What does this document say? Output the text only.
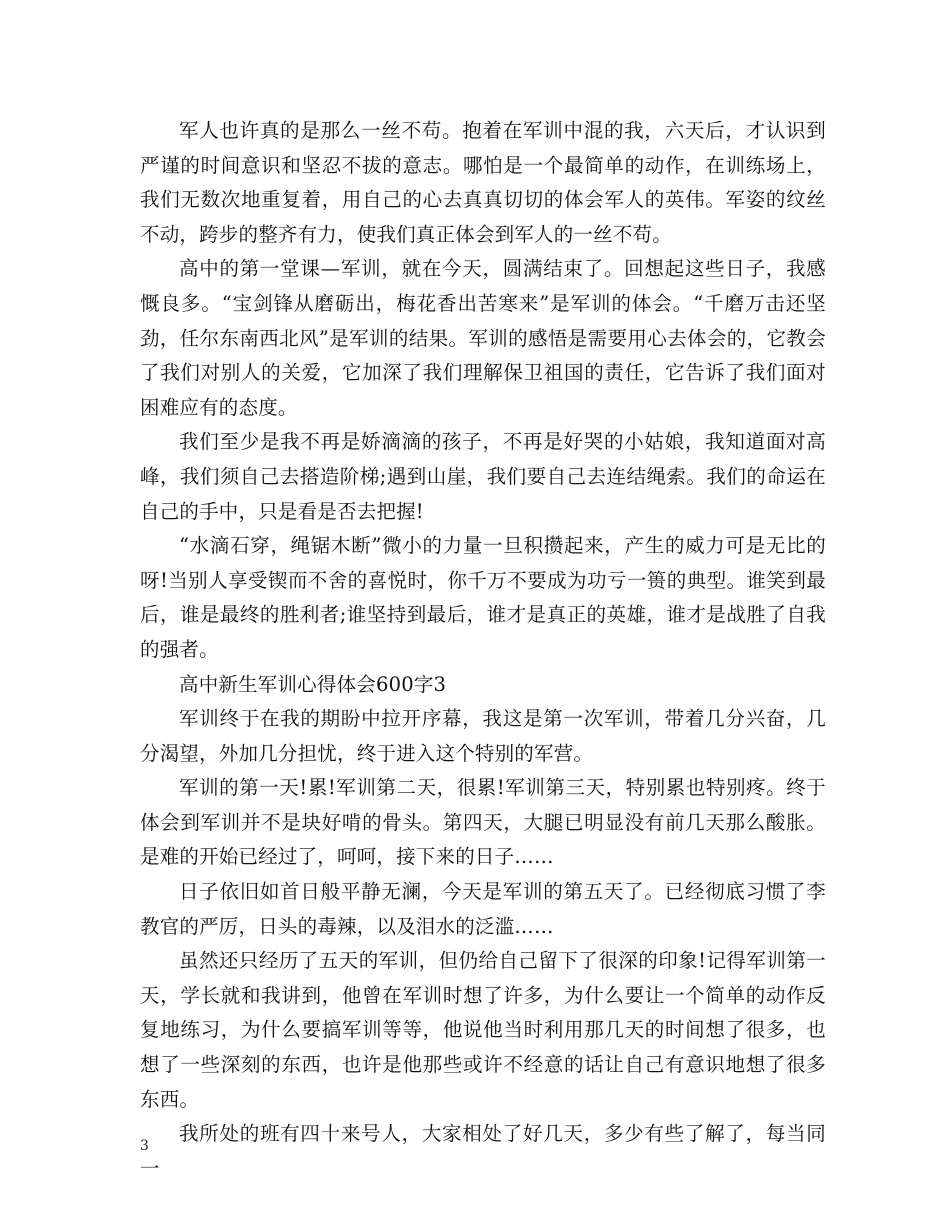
军人也许真的是那么一丝不苟。抱着在军训中混的我，六天后，才认识到严谨的时间意识和坚忍不拔的意志。哪怕是一个最简单的动作，在训练场上，我们无数次地重复着，用自己的心去真真切切的体会军人的英伟。军姿的纹丝不动，跨步的整齐有力，使我们真正体会到军人的一丝不苟。

高中的第一堂课—军训，就在今天，圆满结束了。回想起这些日子，我感慨良多。“宝剑锋从磨砺出，梅花香出苦寒来”是军训的体会。“千磨万击还坚劲，任尔东南西北风”是军训的结果。军训的感悟是需要用心去体会的，它教会了我们对别人的关爱，它加深了我们理解保卫祖国的责任，它告诉了我们面对困难应有的态度。

我们至少是我不再是娇滴滴的孩子，不再是好哭的小姑娘，我知道面对高峰，我们须自己去搭造阶梯;遇到山崖，我们要自己去连结绳索。我们的命运在自己的手中，只是看是否去把握!

“水滴石穿，绳锯木断”微小的力量一旦积攒起来，产生的威力可是无比的呀!当别人享受锲而不舍的喜悦时，你千万不要成为功亏一篑的典型。谁笑到最后，谁是最终的胜利者;谁坚持到最后，谁才是真正的英雄，谁才是战胜了自我的强者。

高中新生军训心得体会600字3

军训终于在我的期盼中拉开序幕，我这是第一次军训，带着几分兴奋，几分渴望，外加几分担忧，终于进入这个特别的军营。

军训的第一天!累!军训第二天，很累!军训第三天，特别累也特别疼。终于体会到军训并不是块好啃的骨头。第四天，大腿已明显没有前几天那么酸胀。是难的开始已经过了，呵呵，接下来的日子……

日子依旧如首日般平静无澜，今天是军训的第五天了。已经彻底习惯了李教官的严厉，日头的毒辣，以及泪水的泛滥……

虽然还只经历了五天的军训，但仍给自己留下了很深的印象!记得军训第一天，学长就和我讲到，他曾在军训时想了许多，为什么要让一个简单的动作反复地练习，为什么要搞军训等等，他说他当时利用那几天的时间想了很多，也想了一些深刻的东西，也许是他那些或许不经意的话让自己有意识地想了很多东西。

我所处的班有四十来号人，大家相处了好几天，多少有些了解了，每当同一

3
